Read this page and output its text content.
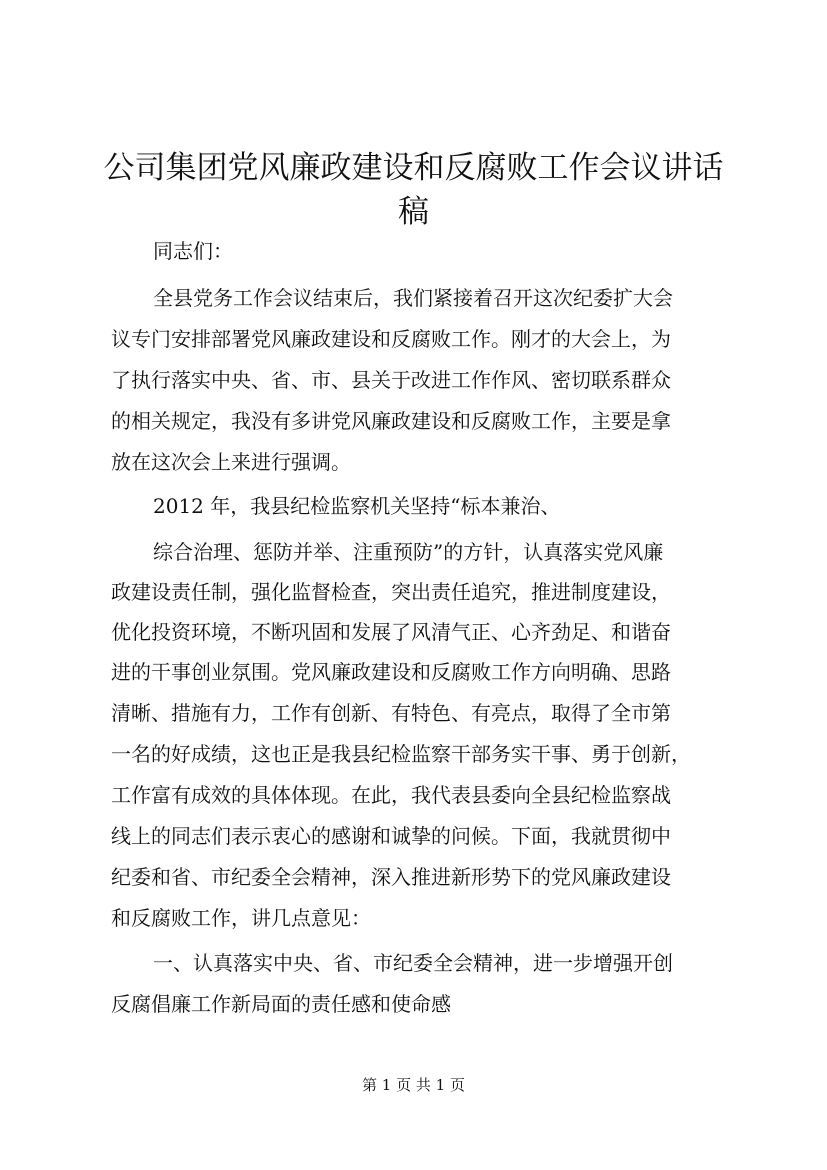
公司集团党风廉政建设和反腐败工作会议讲话
稿

同志们：

全县党务工作会议结束后，我们紧接着召开这次纪委扩大会

议专门安排部署党风廉政建设和反腐败工作。刚才的大会上，为

了执行落实中央、省、市、县关于改进工作作风、密切联系群众

的相关规定，我没有多讲党风廉政建设和反腐败工作，主要是拿

放在这次会上来进行强调。

2012 年，我县纪检监察机关坚持“标本兼治、

综合治理、惩防并举、注重预防”的方针，认真落实党风廉

政建设责任制，强化监督检查，突出责任追究，推进制度建设，

优化投资环境，不断巩固和发展了风清气正、心齐劲足、和谐奋

进的干事创业氛围。党风廉政建设和反腐败工作方向明确、思路

清晰、措施有力，工作有创新、有特色、有亮点，取得了全市第

一名的好成绩，这也正是我县纪检监察干部务实干事、勇于创新，

工作富有成效的具体体现。在此，我代表县委向全县纪检监察战

线上的同志们表示衷心的感谢和诚挚的问候。下面，我就贯彻中

纪委和省、市纪委全会精神，深入推进新形势下的党风廉政建设

和反腐败工作，讲几点意见：

一、认真落实中央、省、市纪委全会精神，进一步增强开创

反腐倡廉工作新局面的责任感和使命感

第 1 页 共 1 页
